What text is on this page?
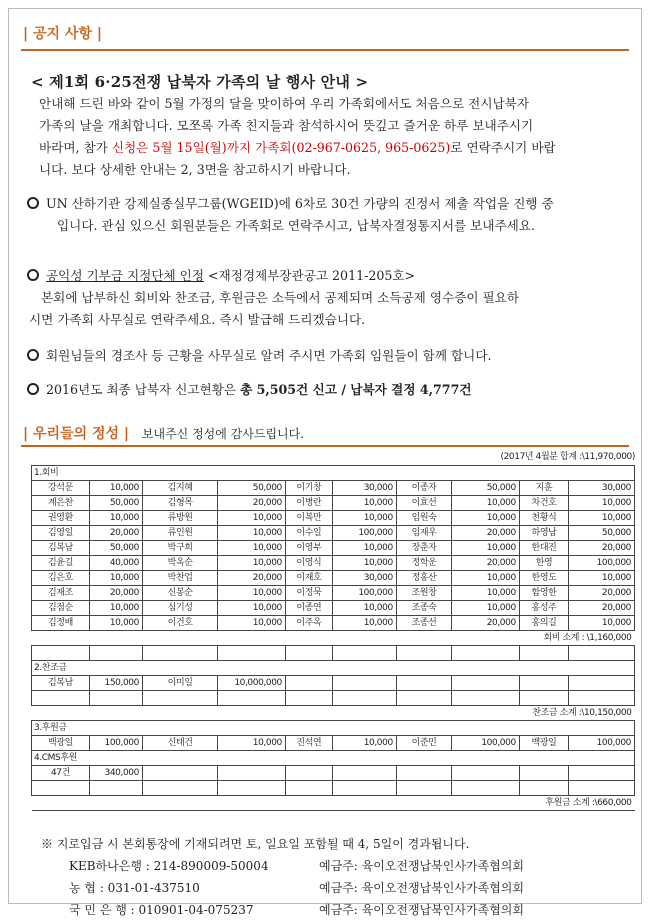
| 공지 사항 |
< 제1회 6·25전쟁 납북자 가족의 날 행사 안내 >
안내해 드린 바와 같이 5월 가정의 달을 맞이하여 우리 가족회에서도 처음으로 전시납북자
가족의 날을 개최합니다. 모쪼록 가족 친지들과 참석하시어 뜻깊고 즐거운 하루 보내주시기
바라며, 참가 신청은 5월 15일(월)까지 가족회(02-967-0625, 965-0625)로 연락주시기 바랍
니다. 보다 상세한 안내는 2, 3면을 참고하시기 바랍니다.
UN 산하기관 강제실종실무그룹(WGEID)에 6차로 30건 가량의 진정서 제출 작업을 진행 중
입니다. 관심 있으신 회원분들은 가족회로 연락주시고, 납북자결정통지서를 보내주세요.
공익성 기부금 지정단체 인정 <재정경제부장관공고 2011-205호>
본회에 납부하신 회비와 찬조금, 후원금은 소득에서 공제되며 소득공제 영수증이 필요하
시면 가족회 사무실로 연락주세요. 즉시 발급해 드리겠습니다.
회원님들의 경조사 등 근황을 사무실로 알려 주시면 가족회 임원들이 함께 합니다.
2016년도 최종 납북자 신고현황은 총 5,505건 신고 / 납북자 결정 4,777건
| 우리들의 정성 | 보내주신 정성에 감사드립니다.
(2017년 4월분 합계 :\11,970,000)
1.회비									
강석문	10,000	김지혜	50,000	이기창	30,000	이종자	50,000	지훈	30,000
계은찬	50,000	김형목	20,000	이병란	10,000	이효선	10,000	차건호	10,000
권영환	10,000	류방원	10,000	이복만	10,000	임원숙	10,000	천황식	10,000
김영일	20,000	류인원	10,000	이수일	100,000	임재우	20,000	하영남	50,000
김복남	50,000	박구희	10,000	이영부	10,000	장춘자	10,000	한대진	20,000
김윤길	40,000	박옥순	10,000	이영식	10,000	정학운	20,000	한영	100,000
김은호	10,000	박찬업	20,000	이재호	30,000	정홍산	10,000	한영도	10,000
김재조	20,000	신봉순	10,000	이정묵	100,000	조원창	10,000	함영한	20,000
김점순	10,000	심기성	10,000	이종연	10,000	조종숙	10,000	홍성주	20,000
김정배	10,000	이건호	10,000	이주옥	10,000	조종선	20,000	홍의길	10,000
회비 소계 : \1,160,000									

2.찬조금									
김복남	150,000	이미일	10,000,000						

찬조금 소계 :\10,150,000									
3.후원금									
백광일	100,000	신태건	10,000	진석연	10,000	이준민	100,000	백광일	100,000
4.CMS후원									
47건	340,000								

후원금 소계 :\660,000									
※ 지로입금 시 본회통장에 기재되려면 토, 일요일 포함될 때 4, 5일이 경과됩니다.
KEB하나은행 : 214-890009-50004	예금주: 육이오전쟁납북인사가족협의회
농 협 : 031-01-437510	예금주: 육이오전쟁납북인사가족협의회
국 민 은 행 : 010901-04-075237	예금주: 육이오전쟁납북인사가족협의회
